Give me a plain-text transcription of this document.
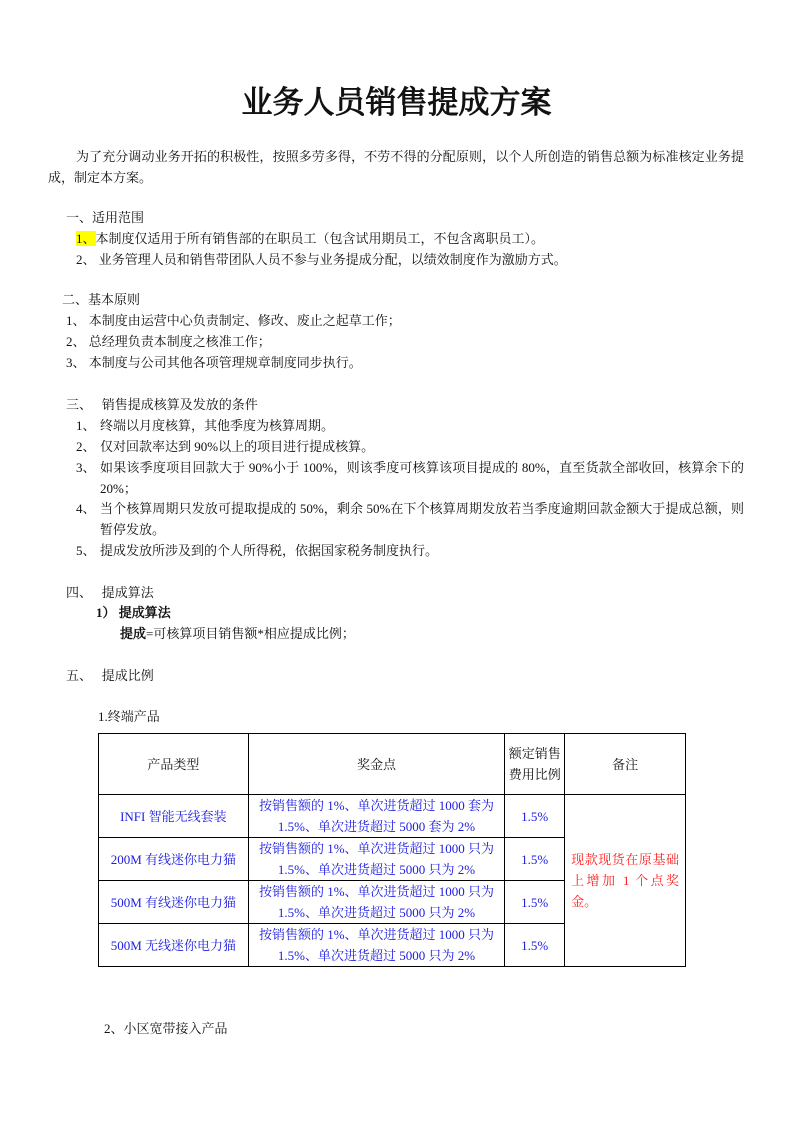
业务人员销售提成方案
为了充分调动业务开拓的积极性，按照多劳多得，不劳不得的分配原则，以个人所创造的销售总额为标准核定业务提成，制定本方案。
一、适用范围
1、本制度仅适用于所有销售部的在职员工（包含试用期员工，不包含离职员工）。
2、 业务管理人员和销售带团队人员不参与业务提成分配，以绩效制度作为激励方式。
二、基本原则
1、 本制度由运营中心负责制定、修改、废止之起草工作；
2、 总经理负责本制度之核准工作；
3、 本制度与公司其他各项管理规章制度同步执行。
三、   销售提成核算及发放的条件
1、 终端以月度核算，其他季度为核算周期。
2、 仅对回款率达到 90%以上的项目进行提成核算。
3、 如果该季度项目回款大于 90%小于 100%，则该季度可核算该项目提成的 80%，直至货款全部收回，核算余下的 20%；
4、 当个核算周期只发放可提取提成的 50%，剩余 50%在下个核算周期发放若当季度逾期回款金额大于提成总额，则暂停发放。
5、 提成发放所涉及到的个人所得税，依据国家税务制度执行。
四、   提成算法
1） 提成算法
提成=可核算项目销售额*相应提成比例；
五、   提成比例
1.终端产品
产品类型	奖金点	额定销售费用比例	备注
INFI 智能无线套装	按销售额的 1%、单次进货超过 1000 套为 1.5%、单次进货超过 5000 套为 2%	1.5%	现款现货在原基础上增加 1 个点奖金。
200M 有线迷你电力猫	按销售额的 1%、单次进货超过 1000 只为 1.5%、单次进货超过 5000 只为 2%	1.5%	
500M 有线迷你电力猫	按销售额的 1%、单次进货超过 1000 只为 1.5%、单次进货超过 5000 只为 2%	1.5%	
500M 无线迷你电力猫	按销售额的 1%、单次进货超过 1000 只为 1.5%、单次进货超过 5000 只为 2%	1.5%	
2、小区宽带接入产品
